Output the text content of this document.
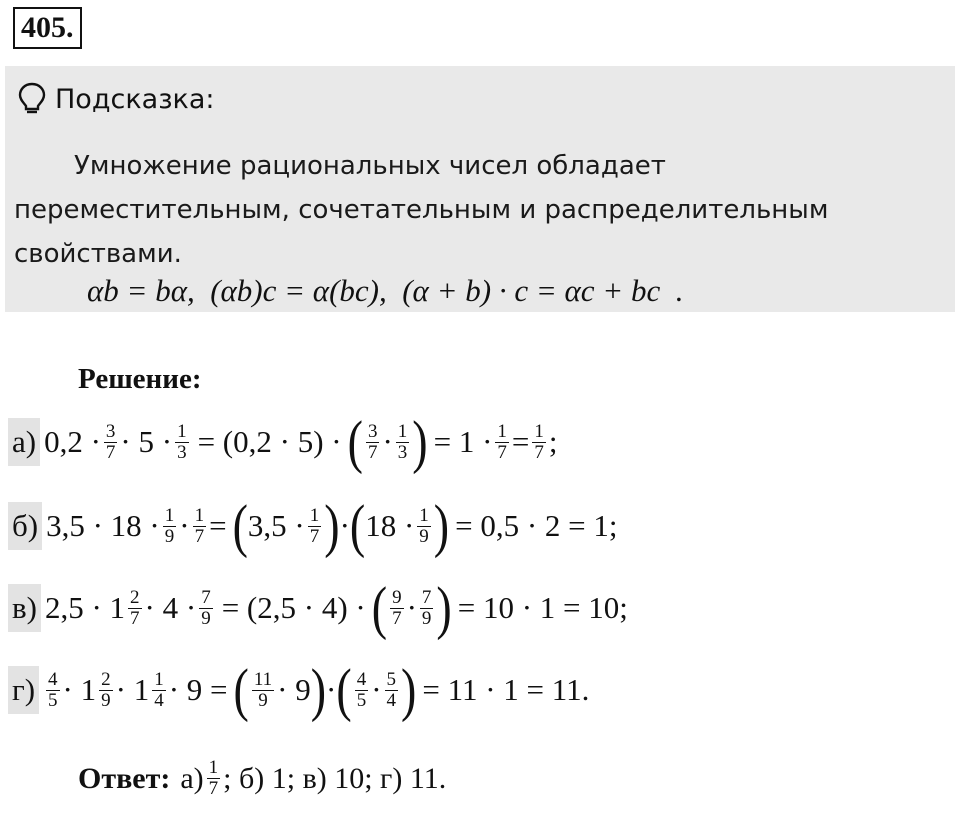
405.
Подсказка:
Умножение рациональных чисел обладает
переместительным, сочетательным и распределительным свойствами.
αb = bα,  (αb)c = α(bc),  (α + b) · c = αc + bc  .
Решение:
а) $0,2 \cdot \frac{3}{7} \cdot 5 \cdot \frac{1}{3} = (0,2 \cdot 5)$ · ( $\frac{3}{7} \cdot \frac{1}{3}$ ) = $1 \cdot \frac{1}{7} = \frac{1}{7}$ ;
б) $3,5 \cdot 18 \cdot \frac{1}{9} \cdot \frac{1}{7}$ = ( $3,5 \cdot \frac{1}{7}$ ) · ( $18 \cdot \frac{1}{9}$ ) = 0,5 · 2 = 1;
в) $2,5 \cdot 1 \frac{2}{7} \cdot 4 \cdot \frac{7}{9} = (2,5 \cdot 4)$ · ( $\frac{9}{7} \cdot \frac{7}{9}$ ) = 10 · 1 = 10;
$г) \frac{4}{5} \cdot 1 \frac{2}{9} \cdot 1 \frac{1}{4} \cdot 9$ = ( $\frac{11}{9} \cdot 9$ ) · ( $\frac{4}{5} \cdot \frac{5}{4}$ ) = 11 · 1 = 11.
Ответ: $а) \frac{1}{7}$ ; б) 1; в) 10; г) 11.
